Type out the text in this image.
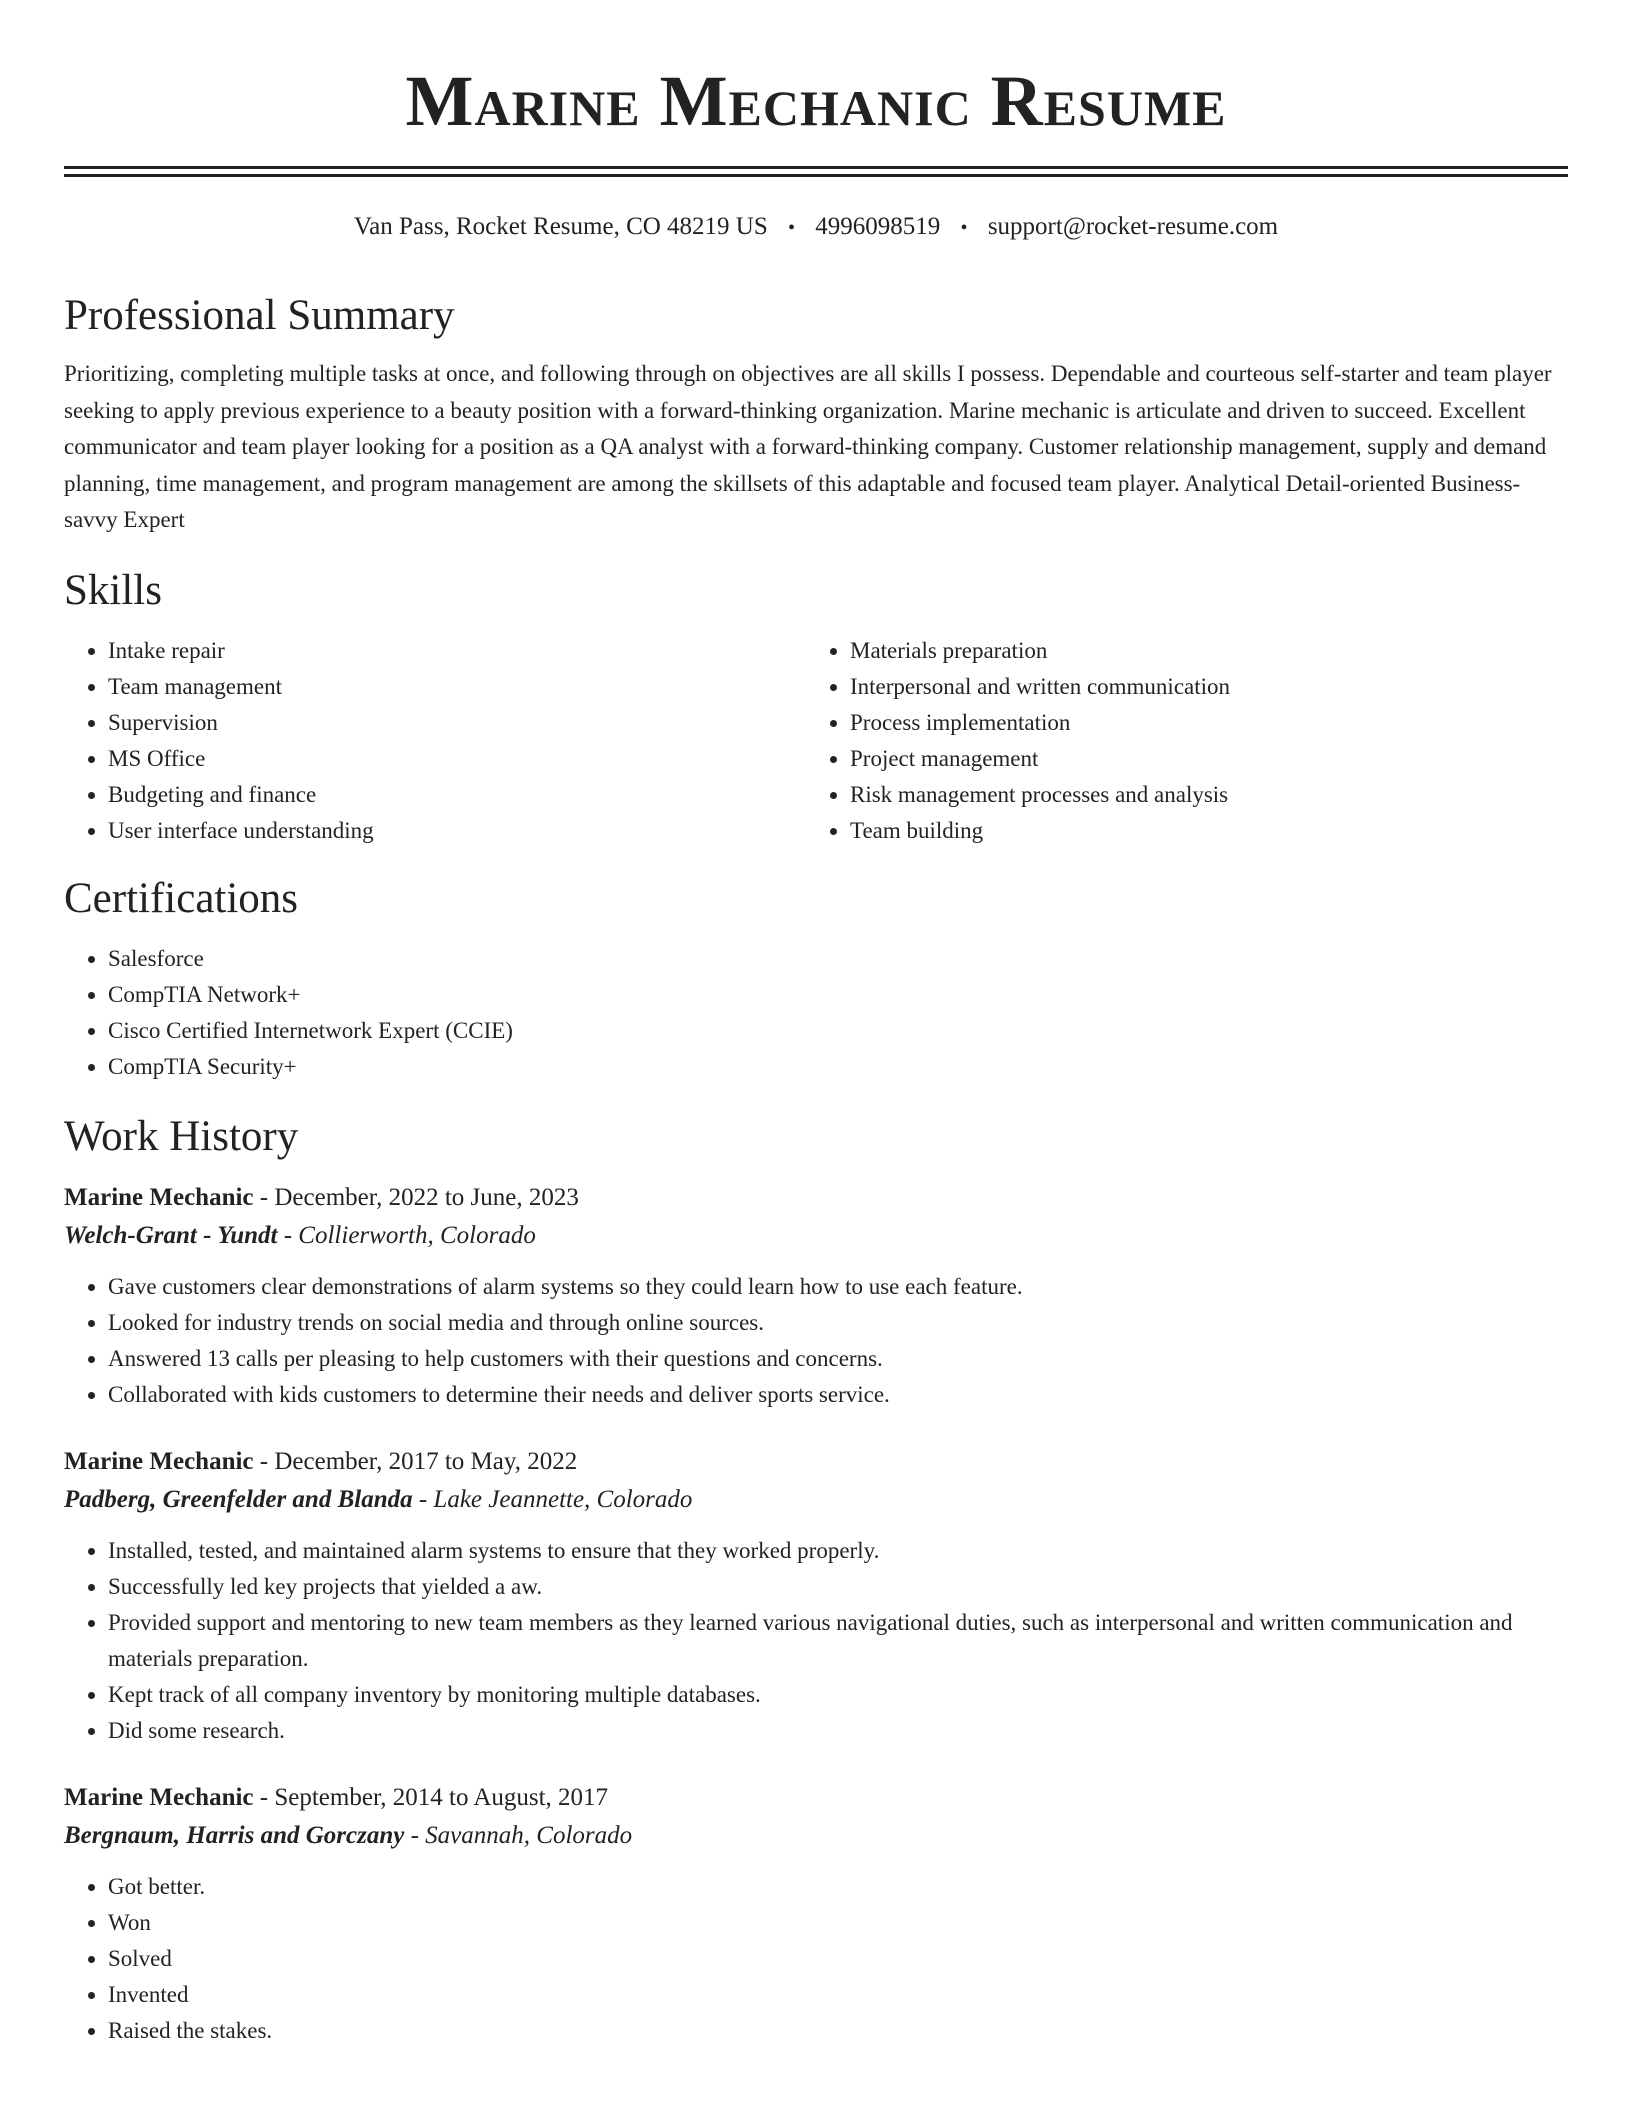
Marine Mechanic Resume
Van Pass, Rocket Resume, CO 48219 US • 4996098519 • support@rocket-resume.com
Professional Summary

Prioritizing, completing multiple tasks at once, and following through on objectives are all skills I possess. Dependable and courteous self-starter and team player seeking to apply previous experience to a beauty position with a forward-thinking organization. Marine mechanic is articulate and driven to succeed. Excellent communicator and team player looking for a position as a QA analyst with a forward-thinking company. Customer relationship management, supply and demand planning, time management, and program management are among the skillsets of this adaptable and focused team player. Analytical Detail-oriented Business-savvy Expert

Skills
• Intake repair
• Team management
• Supervision
• MS Office
• Budgeting and finance
• User interface understanding
• Materials preparation
• Interpersonal and written communication
• Process implementation
• Project management
• Risk management processes and analysis
• Team building
Certifications
• Salesforce
• CompTIA Network+
• Cisco Certified Internetwork Expert (CCIE)
• CompTIA Security+
Work History
Marine Mechanic - December, 2022 to June, 2023
Welch-Grant - Yundt - Collierworth, Colorado
• Gave customers clear demonstrations of alarm systems so they could learn how to use each feature.
• Looked for industry trends on social media and through online sources.
• Answered 13 calls per pleasing to help customers with their questions and concerns.
• Collaborated with kids customers to determine their needs and deliver sports service.
Marine Mechanic - December, 2017 to May, 2022
Padberg, Greenfelder and Blanda - Lake Jeannette, Colorado
• Installed, tested, and maintained alarm systems to ensure that they worked properly.
• Successfully led key projects that yielded a aw.
• Provided support and mentoring to new team members as they learned various navigational duties, such as interpersonal and written communication and materials preparation.
• Kept track of all company inventory by monitoring multiple databases.
• Did some research.
Marine Mechanic - September, 2014 to August, 2017
Bergnaum, Harris and Gorczany - Savannah, Colorado
• Got better.
• Won
• Solved
• Invented
• Raised the stakes.
